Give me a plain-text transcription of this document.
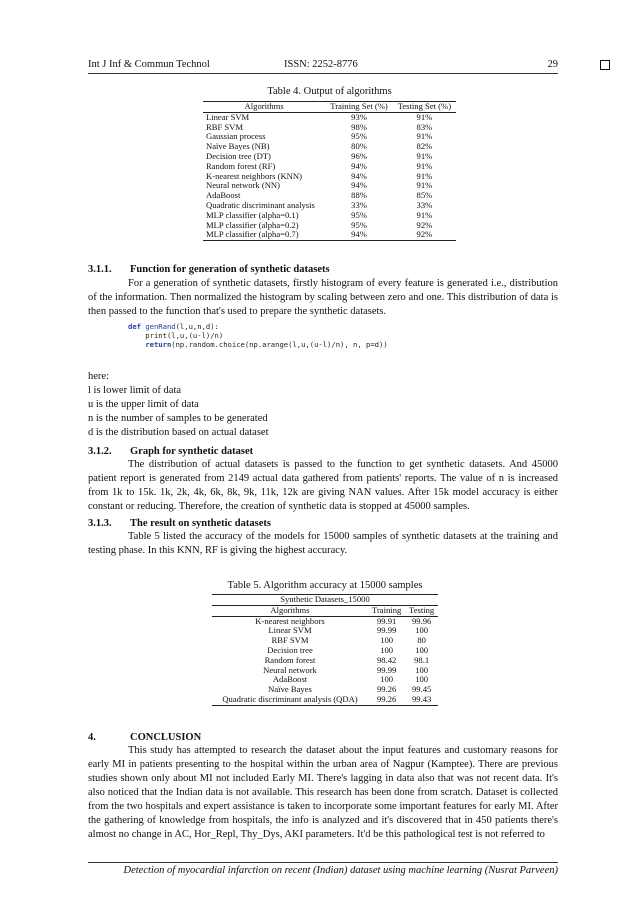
Int J Inf & Commun Technol	ISSN: 2252-8776	29
Table 4. Output of algorithms
Algorithms	Training Set (%)	Testing Set (%)
Linear SVM	93%	91%
RBF SVM	98%	83%
Gaussian process	95%	91%
Naïve Bayes (NB)	80%	82%
Decision tree (DT)	96%	91%
Random forest (RF)	94%	91%
K-nearest neighbors (KNN)	94%	91%
Neural network (NN)	94%	91%
AdaBoost	88%	85%
Quadratic discriminant analysis	33%	33%
MLP classifier (alpha=0.1)	95%	91%
MLP classifier (alpha=0.2)	95%	92%
MLP classifier (alpha=0.7)	94%	92%
3.1.1. Function for generation of synthetic datasets

For a generation of synthetic datasets, firstly histogram of every feature is generated i.e., distribution of the information. Then normalized the histogram by scaling between zero and one. This distribution of data is then passed to the function that's used to prepare the synthetic datasets.

def genRand(l,u,n,d):
print(l,u,(u-l)/n)
return(np.random.choice(np.arange(l,u,(u-l)/n), n, p=d))
here:
l is lower limit of data
u is the upper limit of data
n is the number of samples to be generated
d is the distribution based on actual dataset
3.1.2. Graph for synthetic dataset

The distribution of actual datasets is passed to the function to get synthetic datasets. And 45000 patient report is generated from 2149 actual data gathered from patients' reports. The value of n is increased from 1k to 15k. 1k, 2k, 4k, 6k, 8k, 9k, 11k, 12k are giving NAN values. After 15k model accuracy is either constant or reducing. Therefore, the creation of synthetic data is stopped at 45000 samples.

3.1.3. The result on synthetic datasets

Table 5 listed the accuracy of the models for 15000 samples of synthetic datasets at the training and testing phase. In this KNN, RF is giving the highest accuracy.

Table 5. Algorithm accuracy at 15000 samples
Synthetic Datasets_15000		
Algorithms	Training	Testing
K-nearest neighbors	99.91	99.96
Linear SVM	99.99	100
RBF SVM	100	80
Decision tree	100	100
Random forest	98.42	98.1
Neural network	99.99	100
AdaBoost	100	100
Naïve Bayes	99.26	99.45
Quadratic discriminant analysis (QDA)	99.26	99.43
4.	CONCLUSION

This study has attempted to research the dataset about the input features and customary reasons for early MI in patients presenting to the hospital within the urban area of Nagpur (Kamptee). There are previous studies shown only about MI not included Early MI. There's lagging in data also that was not recent data. It's also noticed that the Indian data is not available. This research has been done from scratch. Dataset is collected from the two hospitals and expert assistance is taken to incorporate some important features for early MI. After the gathering of knowledge from hospitals, the info is analyzed and it's discovered that in 450 patients there's almost no change in AC, Hor_Repl, Thy_Dys, AKI parameters. It'd be this pathological test is not referred to

Detection of myocardial infarction on recent (Indian) dataset using machine learning (Nusrat Parveen)
